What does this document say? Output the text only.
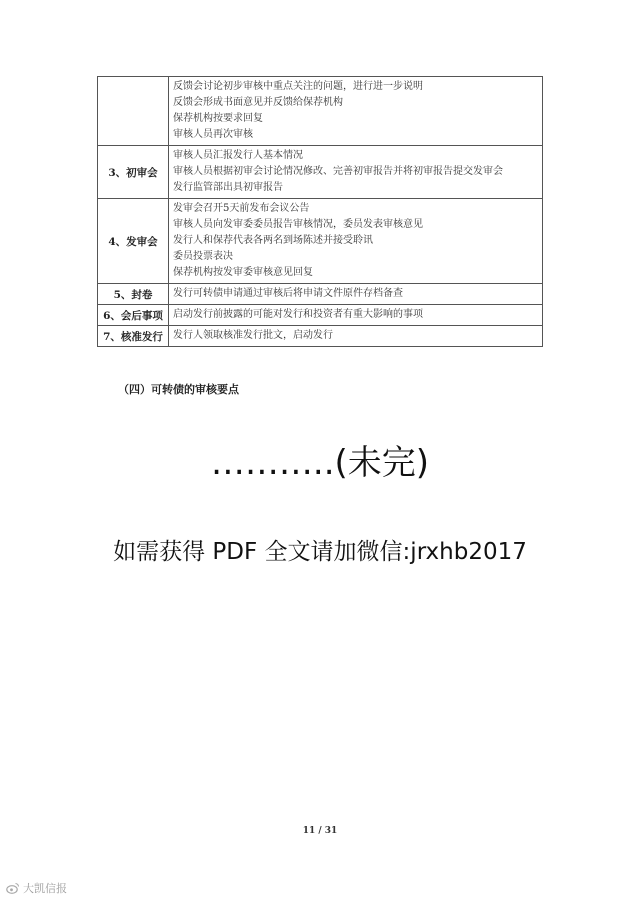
	反馈会讨论初步审核中重点关注的问题，进行进一步说明
反馈会形成书面意见并反馈给保荐机构
保荐机构按要求回复
审核人员再次审核

3、初审会	审核人员汇报发行人基本情况
审核人员根据初审会讨论情况修改、完善初审报告并将初审报告提交发审会
发行监管部出具初审报告

4、发审会	发审会召开5天前发布会议公告
审核人员向发审委委员报告审核情况，委员发表审核意见
发行人和保荐代表各两名到场陈述并接受聆讯
委员投票表决
保荐机构按发审委审核意见回复

5、封卷	发行可转债申请通过审核后将申请文件原件存档备查

6、会后事项	启动发行前披露的可能对发行和投资者有重大影响的事项

7、核准发行	发行人领取核准发行批文，启动发行
（四）可转债的审核要点
………..(未完)
如需获得 PDF 全文请加微信:jrxhb2017
11 / 31
大凯信报
